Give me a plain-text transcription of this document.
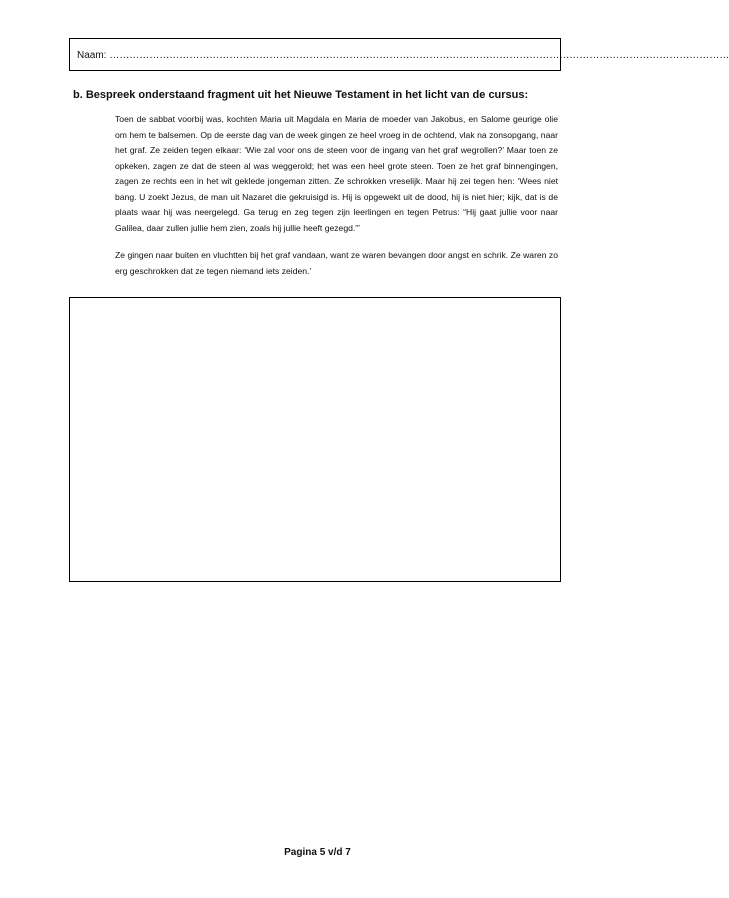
Naam: ……………………………………………………………………………………………………………………………………………………………………
b. Bespreek onderstaand fragment uit het Nieuwe Testament in het licht van de cursus:

Toen de sabbat voorbij was, kochten Maria uit Magdala en Maria de moeder van Jakobus, en Salome geurige olie om hem te balsemen. Op de eerste dag van de week gingen ze heel vroeg in de ochtend, vlak na zonsopgang, naar het graf. Ze zeiden tegen elkaar: ‘Wie zal voor ons de steen voor de ingang van het graf wegrollen?’ Maar toen ze opkeken, zagen ze dat de steen al was weggerold; het was een heel grote steen. Toen ze het graf binnengingen, zagen ze rechts een in het wit geklede jongeman zitten. Ze schrokken vreselijk. Maar hij zei tegen hen: ‘Wees niet bang. U zoekt Jezus, de man uit Nazaret die gekruisigd is. Hij is opgewekt uit de dood, hij is niet hier; kijk, dat is de plaats waar hij was neergelegd. Ga terug en zeg tegen zijn leerlingen en tegen Petrus: “Hij gaat jullie voor naar Galilea, daar zullen jullie hem zien, zoals hij jullie heeft gezegd.”’

Ze gingen naar buiten en vluchtten bij het graf vandaan, want ze waren bevangen door angst en schrik. Ze waren zo erg geschrokken dat ze tegen niemand iets zeiden.’

Pagina 5 v/d 7
